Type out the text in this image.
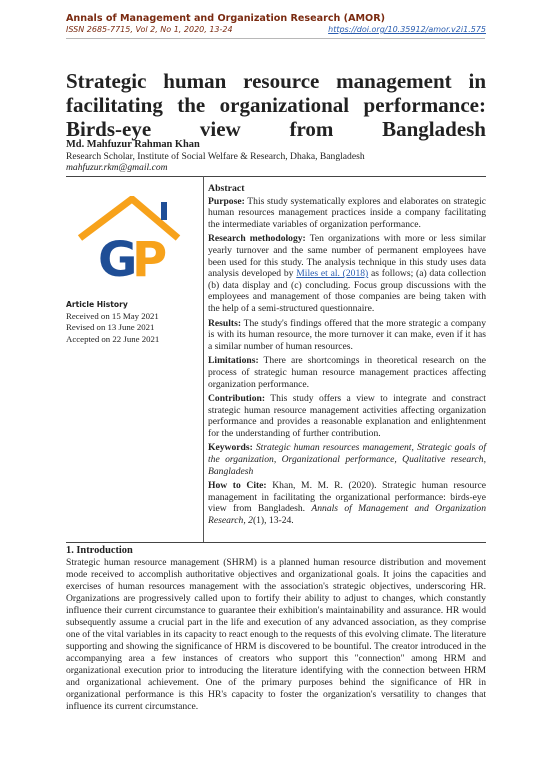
Annals of Management and Organization Research (AMOR)
ISSN 2685-7715, Vol 2, No 1, 2020, 13-24	https://doi.org/10.35912/amor.v2i1.575
Strategic human resource management in facilitating the organizational performance: Birds-eye view from Bangladesh
Md. Mahfuzur Rahman Khan
Research Scholar, Institute of Social Welfare & Research, Dhaka, Bangladesh
mahfuzur.rkm@gmail.com
G
P
Article History
Received on 15 May 2021
Revised on 13 June 2021
Accepted on 22 June 2021
Abstract

Purpose: This study systematically explores and elaborates on strategic human resources management practices inside a company facilitating the intermediate variables of organization performance.

Research methodology: Ten organizations with more or less similar yearly turnover and the same number of permanent employees have been used for this study. The analysis technique in this study uses data analysis developed by Miles et al. (2018) as follows; (a) data collection (b) data display and (c) concluding. Focus group discussions with the employees and management of those companies are being taken with the help of a semi-structured questionnaire.

Results: The study's findings offered that the more strategic a company is with its human resource, the more turnover it can make, even if it has a similar number of human resources.

Limitations: There are shortcomings in theoretical research on the process of strategic human resource management practices affecting organization performance.

Contribution: This study offers a view to integrate and constract strategic human resource management activities affecting organization performance and provides a reasonable explanation and enlightenment for the understanding of further contribution.

Keywords: Strategic human resources management, Strategic goals of the organization, Organizational performance, Qualitative research, Bangladesh

How to Cite: Khan, M. M. R. (2020). Strategic human resource management in facilitating the organizational performance: birds-eye view from Bangladesh. Annals of Management and Organization Research, 2(1), 13-24.

1. Introduction

Strategic human resource management (SHRM) is a planned human resource distribution and movement mode received to accomplish authoritative objectives and organizational goals. It joins the capacities and exercises of human resources management with the association's strategic objectives, underscoring HR. Organizations are progressively called upon to fortify their ability to adjust to changes, which constantly influence their current circumstance to guarantee their exhibition's maintainability and assurance. HR would subsequently assume a crucial part in the life and execution of any advanced association, as they comprise one of the vital variables in its capacity to react enough to the requests of this evolving climate. The literature supporting and showing the significance of HRM is discovered to be bountiful. The creator introduced in the accompanying area a few instances of creators who support this "connection" among HRM and organizational execution prior to introducing the literature identifying with the connection between HRM and organizational achievement. One of the primary purposes behind the significance of HR in organizational performance is this HR's capacity to foster the organization's versatility to changes that influence its current circumstance.
